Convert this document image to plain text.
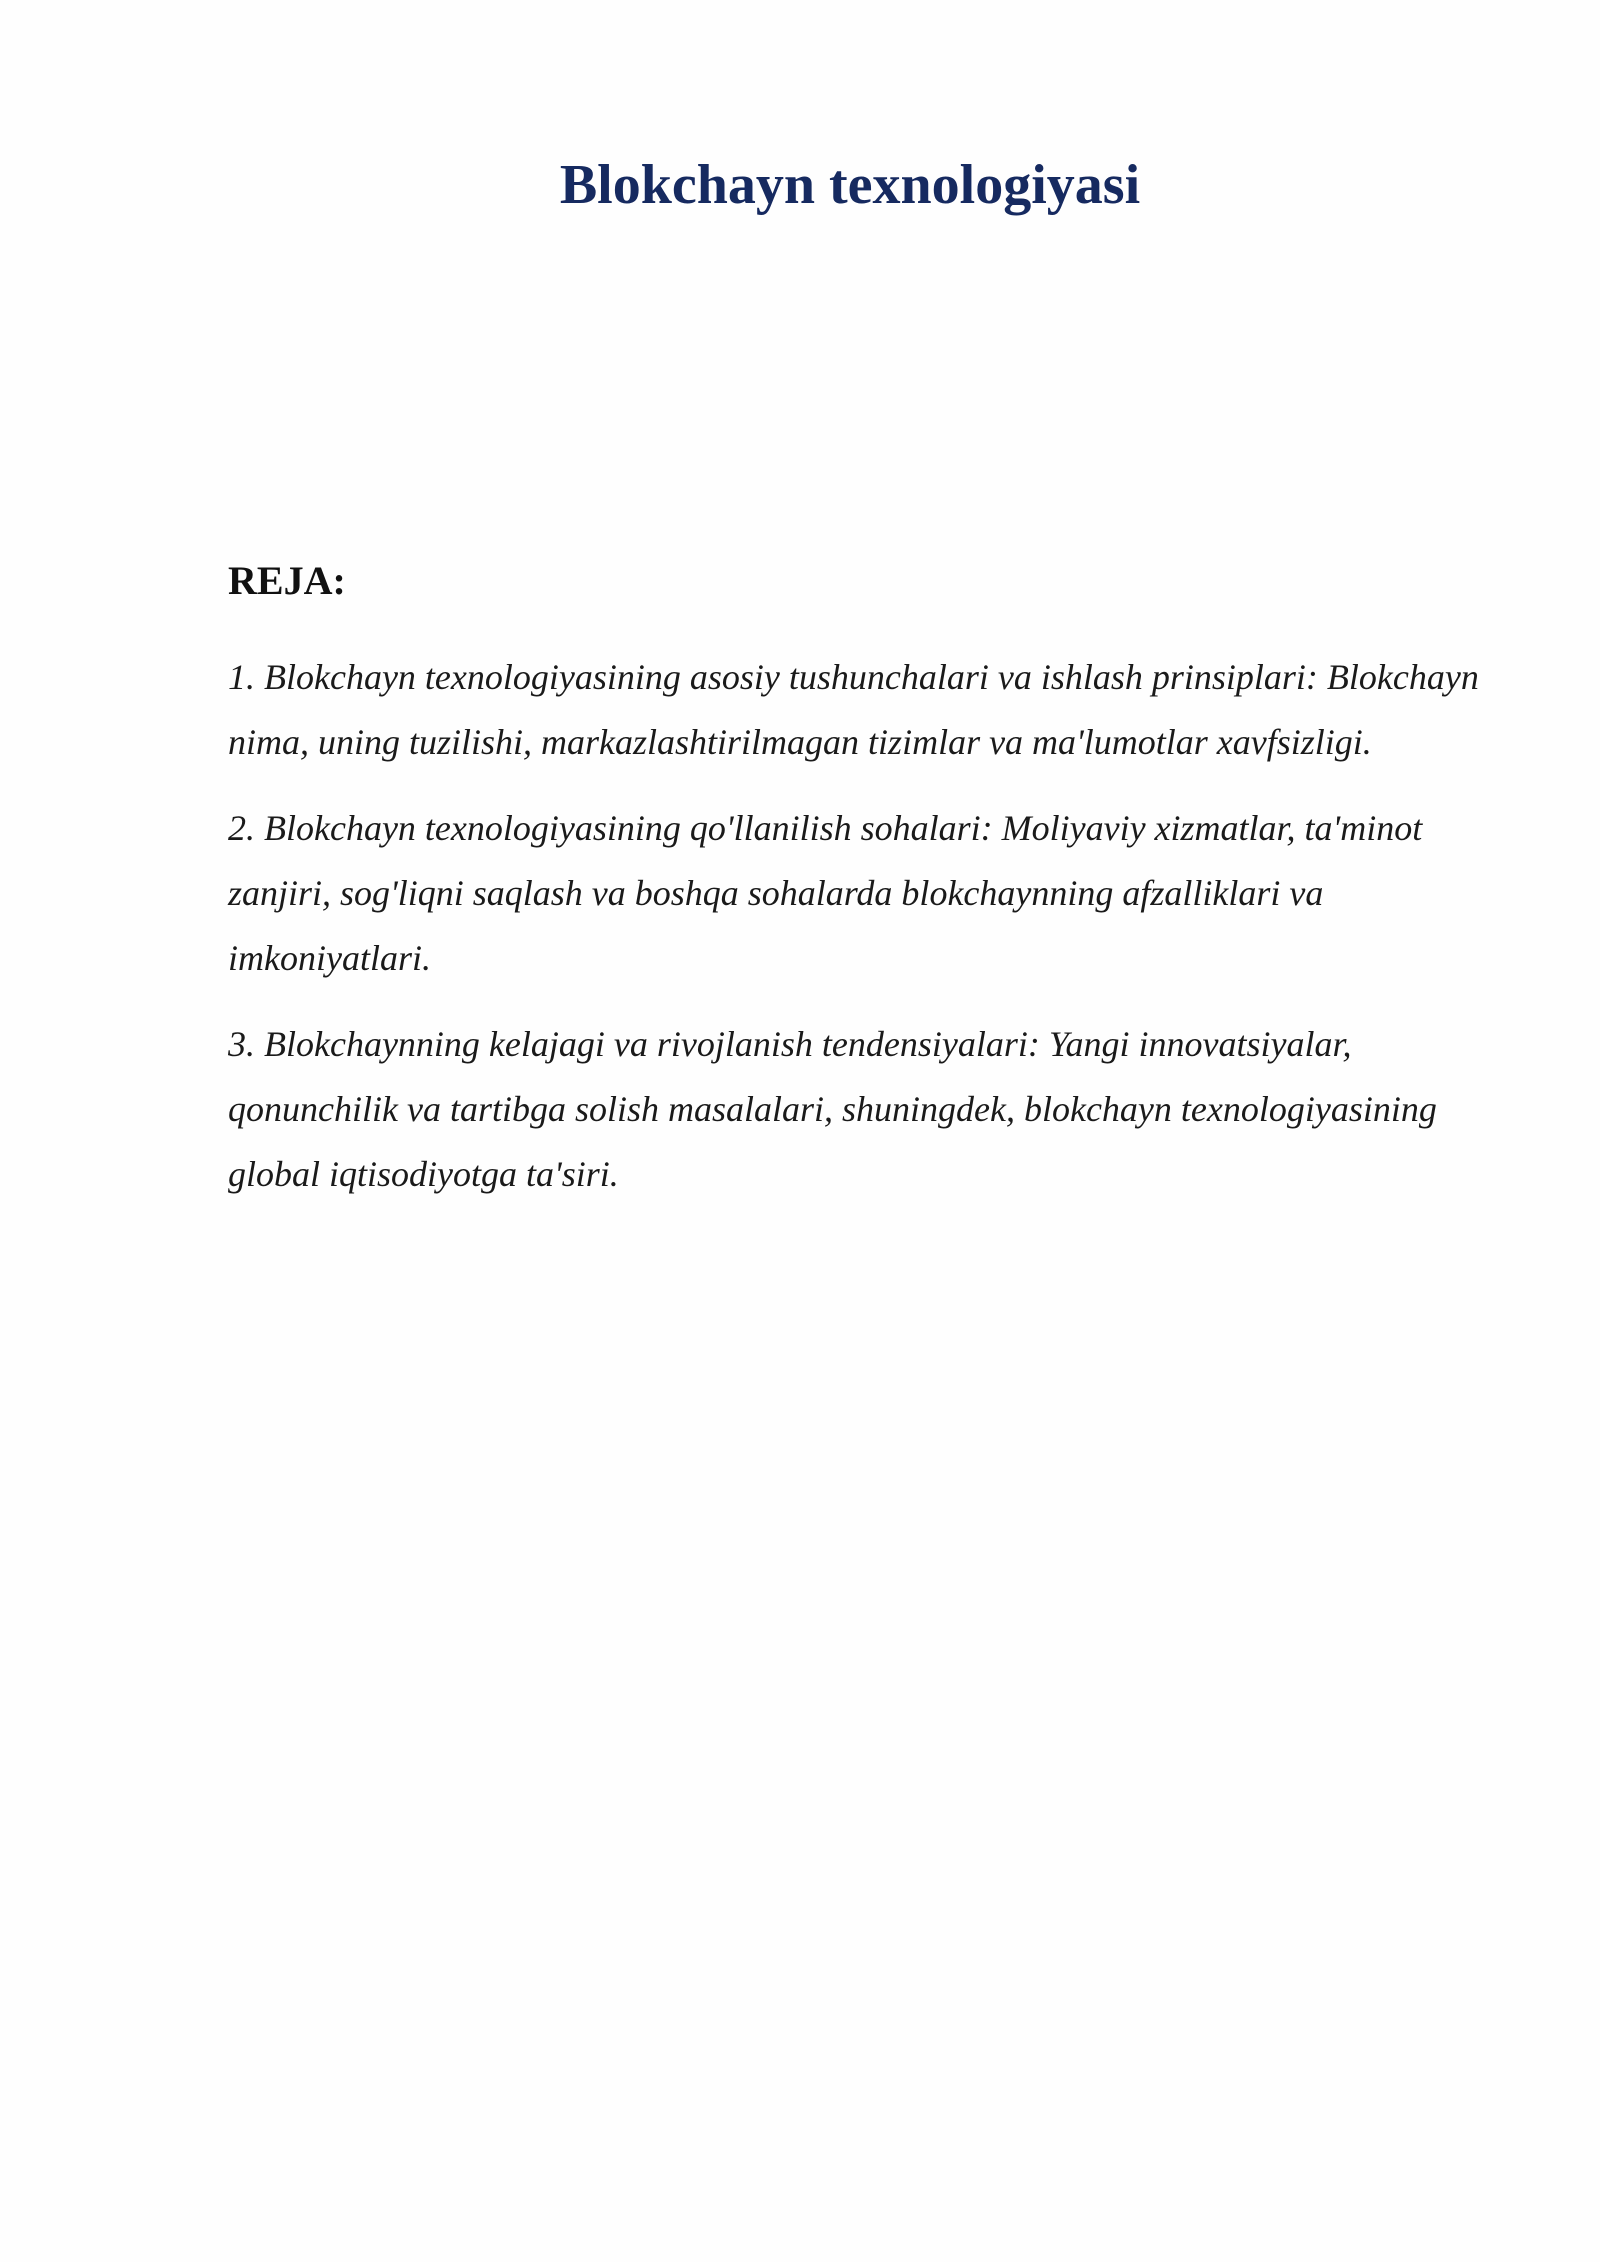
Blokchayn texnologiyasi
REJA:
1. Blokchayn texnologiyasining asosiy tushunchalari va ishlash prinsiplari: Blokchayn nima, uning tuzilishi, markazlashtirilmagan tizimlar va ma'lumotlar xavfsizligi.
2. Blokchayn texnologiyasining qo'llanilish sohalari: Moliyaviy xizmatlar, ta'minot zanjiri, sog'liqni saqlash va boshqa sohalarda blokchaynning afzalliklari va imkoniyatlari.
3. Blokchaynning kelajagi va rivojlanish tendensiyalari: Yangi innovatsiyalar, qonunchilik va tartibga solish masalalari, shuningdek, blokchayn texnologiyasining global iqtisodiyotga ta'siri.
